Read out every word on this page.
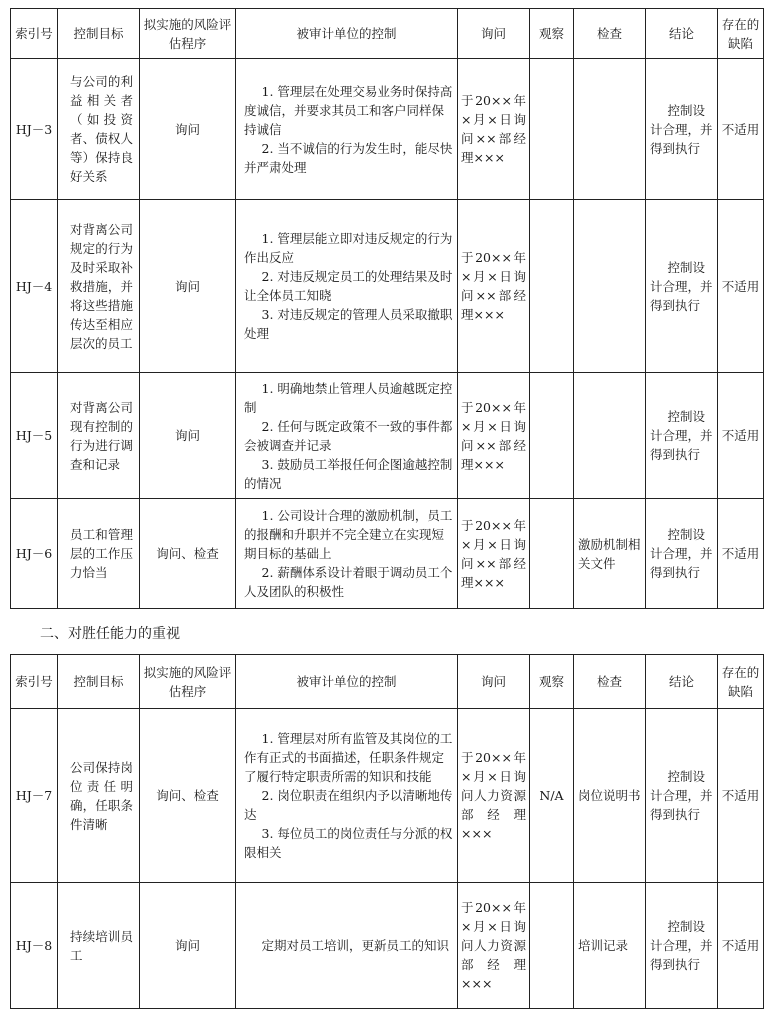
索引号	控制目标	拟实施的风险评估程序	被审计单位的控制	询问	观察	检查	结论	存在的缺陷
HJ－3	与公司的利益相关者（如投资者、债权人等）保持良好关系	询问	1. 管理层在处理交易业务时保持高度诚信，并要求其员工和客户同样保持诚信
2. 当不诚信的行为发生时，能尽快并严肃处理	于20××年×月×日询问××部经理×××			控制设计合理，并得到执行	不适用
HJ－4	对背离公司规定的行为及时采取补救措施，并将这些措施传达至相应层次的员工	询问	1. 管理层能立即对违反规定的行为作出反应
2. 对违反规定员工的处理结果及时让全体员工知晓
3. 对违反规定的管理人员采取撤职处理	于20××年×月×日询问××部经理×××			控制设计合理，并得到执行	不适用
HJ－5	对背离公司现有控制的行为进行调查和记录	询问	1. 明确地禁止管理人员逾越既定控制
2. 任何与既定政策不一致的事件都会被调查并记录
3. 鼓励员工举报任何企图逾越控制的情况	于20××年×月×日询问××部经理×××			控制设计合理，并得到执行	不适用
HJ－6	员工和管理层的工作压力恰当	询问、检查	1. 公司设计合理的激励机制，员工的报酬和升职并不完全建立在实现短期目标的基础上
2. 薪酬体系设计着眼于调动员工个人及团队的积极性	于20××年×月×日询问××部经理×××		激励机制相关文件	控制设计合理，并得到执行	不适用
二、对胜任能力的重视
索引号	控制目标	拟实施的风险评估程序	被审计单位的控制	询问	观察	检查	结论	存在的缺陷
HJ－7	公司保持岗位责任明确，任职条件清晰	询问、检查	1. 管理层对所有监管及其岗位的工作有正式的书面描述，任职条件规定了履行特定职责所需的知识和技能
2. 岗位职责在组织内予以清晰地传达
3. 每位员工的岗位责任与分派的权限相关	于20××年×月×日询问人力资源部经理×××	N/A	岗位说明书	控制设计合理，并得到执行	不适用
HJ－8	持续培训员工	询问	定期对员工培训，更新员工的知识	于20××年×月×日询问人力资源部经理×××		培训记录	控制设计合理，并得到执行	不适用
